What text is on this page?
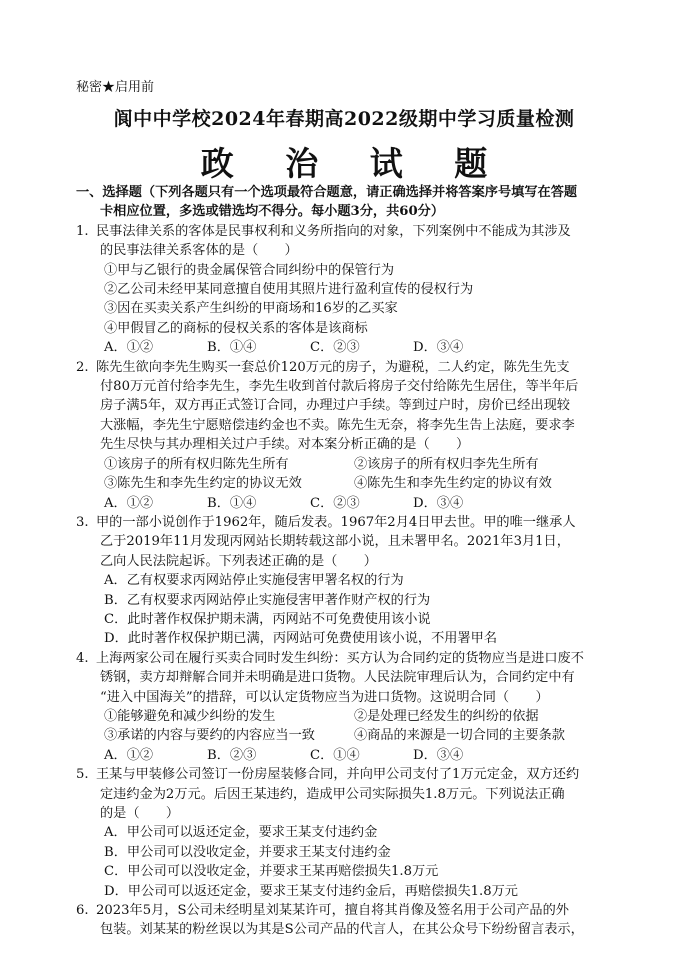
秘密★启用前
阆中中学校2024年春期高2022级期中学习质量检测
政 治 试 题
一、选择题（下列各题只有一个选项最符合题意，请正确选择并将答案序号填写在答题
卡相应位置，多选或错选均不得分。每小题3分，共60分）
1. 民事法律关系的客体是民事权利和义务所指向的对象，下列案例中不能成为其涉及
的民事法律关系客体的是（　　）
①甲与乙银行的贵金属保管合同纠纷中的保管行为
②乙公司未经甲某同意擅自使用其照片进行盈利宣传的侵权行为
③因在买卖关系产生纠纷的甲商场和16岁的乙买家
④甲假冒乙的商标的侵权关系的客体是该商标
A．①②	B．①④	C．②③	D．③④
2. 陈先生欲向李先生购买一套总价120万元的房子，为避税，二人约定，陈先生先支
付80万元首付给李先生，李先生收到首付款后将房子交付给陈先生居住，等半年后
房子满5年，双方再正式签订合同，办理过户手续。等到过户时，房价已经出现较
大涨幅，李先生宁愿赔偿违约金也不卖。陈先生无奈，将李先生告上法庭，要求李
先生尽快与其办理相关过户手续。对本案分析正确的是（　　）
①该房子的所有权归陈先生所有	②该房子的所有权归李先生所有
③陈先生和李先生约定的协议无效	④陈先生和李先生约定的协议有效
A．①②	B．①④	C．②③	D．③④
3. 甲的一部小说创作于1962年，随后发表。1967年2月4日甲去世。甲的唯一继承人
乙于2019年11月发现丙网站长期转载这部小说，且未署甲名。2021年3月1日，
乙向人民法院起诉。下列表述正确的是（　　）
A．乙有权要求丙网站停止实施侵害甲署名权的行为
B．乙有权要求丙网站停止实施侵害甲著作财产权的行为
C．此时著作权保护期未满，丙网站不可免费使用该小说
D．此时著作权保护期已满，丙网站可免费使用该小说，不用署甲名
4. 上海两家公司在履行买卖合同时发生纠纷：买方认为合同约定的货物应当是进口废不
锈钢，卖方却辩解合同并未明确是进口货物。人民法院审理后认为，合同约定中有
“进入中国海关”的措辞，可以认定货物应当为进口货物。这说明合同（　　）
①能够避免和减少纠纷的发生	②是处理已经发生的纠纷的依据
③承诺的内容与要约的内容应当一致	④商品的来源是一切合同的主要条款
A．①②	B．②③	C．①④	D．③④
5. 王某与甲装修公司签订一份房屋装修合同，并向甲公司支付了1万元定金，双方还约
定违约金为2万元。后因王某违约，造成甲公司实际损失1.8万元。下列说法正确
的是（　　）
A．甲公司可以返还定金，要求王某支付违约金
B．甲公司可以没收定金，并要求王某支付违约金
C．甲公司可以没收定金，并要求王某再赔偿损失1.8万元
D．甲公司可以返还定金，要求王某支付违约金后，再赔偿损失1.8万元
6. 2023年5月，S公司未经明星刘某某许可，擅自将其肖像及签名用于公司产品的外
包装。刘某某的粉丝误以为其是S公司产品的代言人，在其公众号下纷纷留言表示，
